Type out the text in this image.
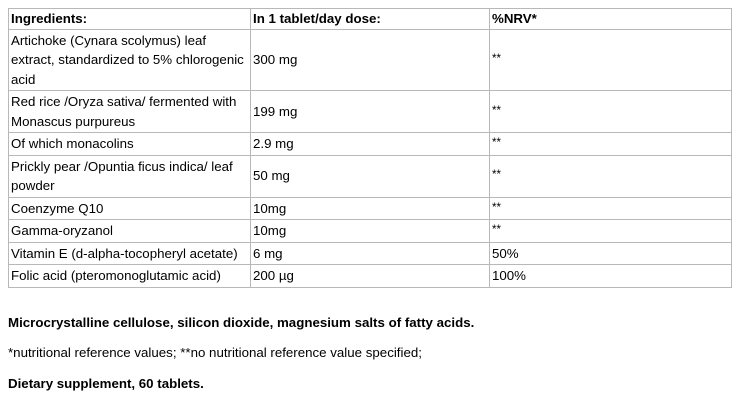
Ingredients:	In 1 tablet/day dose:	%NRV*
Artichoke (Cynara scolymus) leaf extract, standardized to 5% chlorogenic acid	300 mg	**
Red rice /Oryza sativa/ fermented with Monascus purpureus	199 mg	**
Of which monacolins	2.9 mg	**
Prickly pear /Opuntia ficus indica/ leaf powder	50 mg	**
Coenzyme Q10	10mg	**
Gamma-oryzanol	10mg	**
Vitamin E (d-alpha-tocopheryl acetate)	6 mg	50%
Folic acid (pteromonoglutamic acid)	200 µg	100%

Microcrystalline cellulose, silicon dioxide, magnesium salts of fatty acids.

*nutritional reference values; **no nutritional reference value specified;

Dietary supplement, 60 tablets.
